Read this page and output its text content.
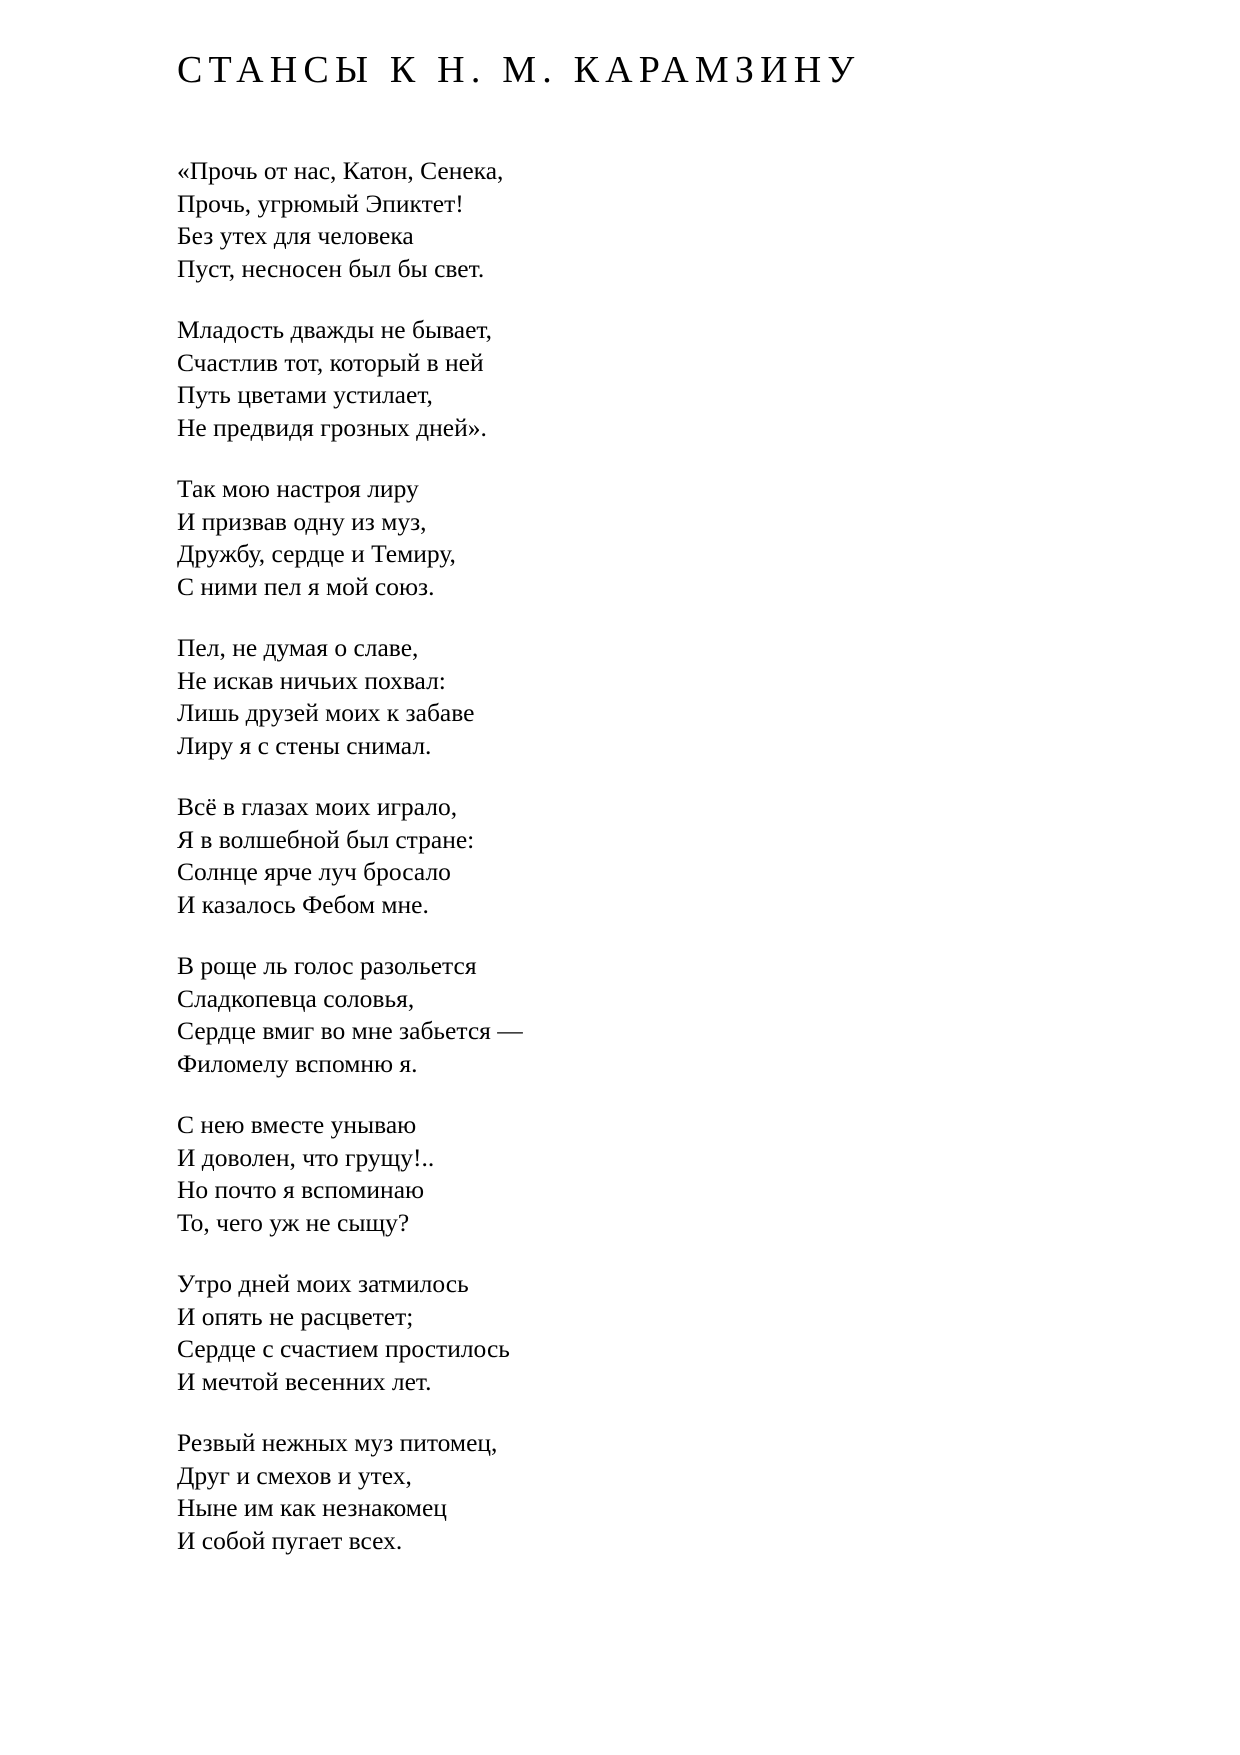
СТАНСЫ К Н. М. КАРАМЗИНУ
«Прочь от нас, Катон, Сенека,
Прочь, угрюмый Эпиктет!
Без утех для человека
Пуст, несносен был бы свет.
Младость дважды не бывает,
Счастлив тот, который в ней
Путь цветами устилает,
Не предвидя грозных дней».
Так мою настроя лиру
И призвав одну из муз,
Дружбу, сердце и Темиру,
С ними пел я мой союз.
Пел, не думая о славе,
Не искав ничьих похвал:
Лишь друзей моих к забаве
Лиру я с стены снимал.
Всё в глазах моих играло,
Я в волшебной был стране:
Солнце ярче луч бросало
И казалось Фебом мне.
В роще ль голос разольется
Сладкопевца соловья,
Сердце вмиг во мне забьется —
Филомелу вспомню я.
С нею вместе унываю
И доволен, что грущу!..
Но почто я вспоминаю
То, чего уж не сыщу?
Утро дней моих затмилось
И опять не расцветет;
Сердце с счастием простилось
И мечтой весенних лет.
Резвый нежных муз питомец,
Друг и смехов и утех,
Ныне им как незнакомец
И собой пугает всех.
